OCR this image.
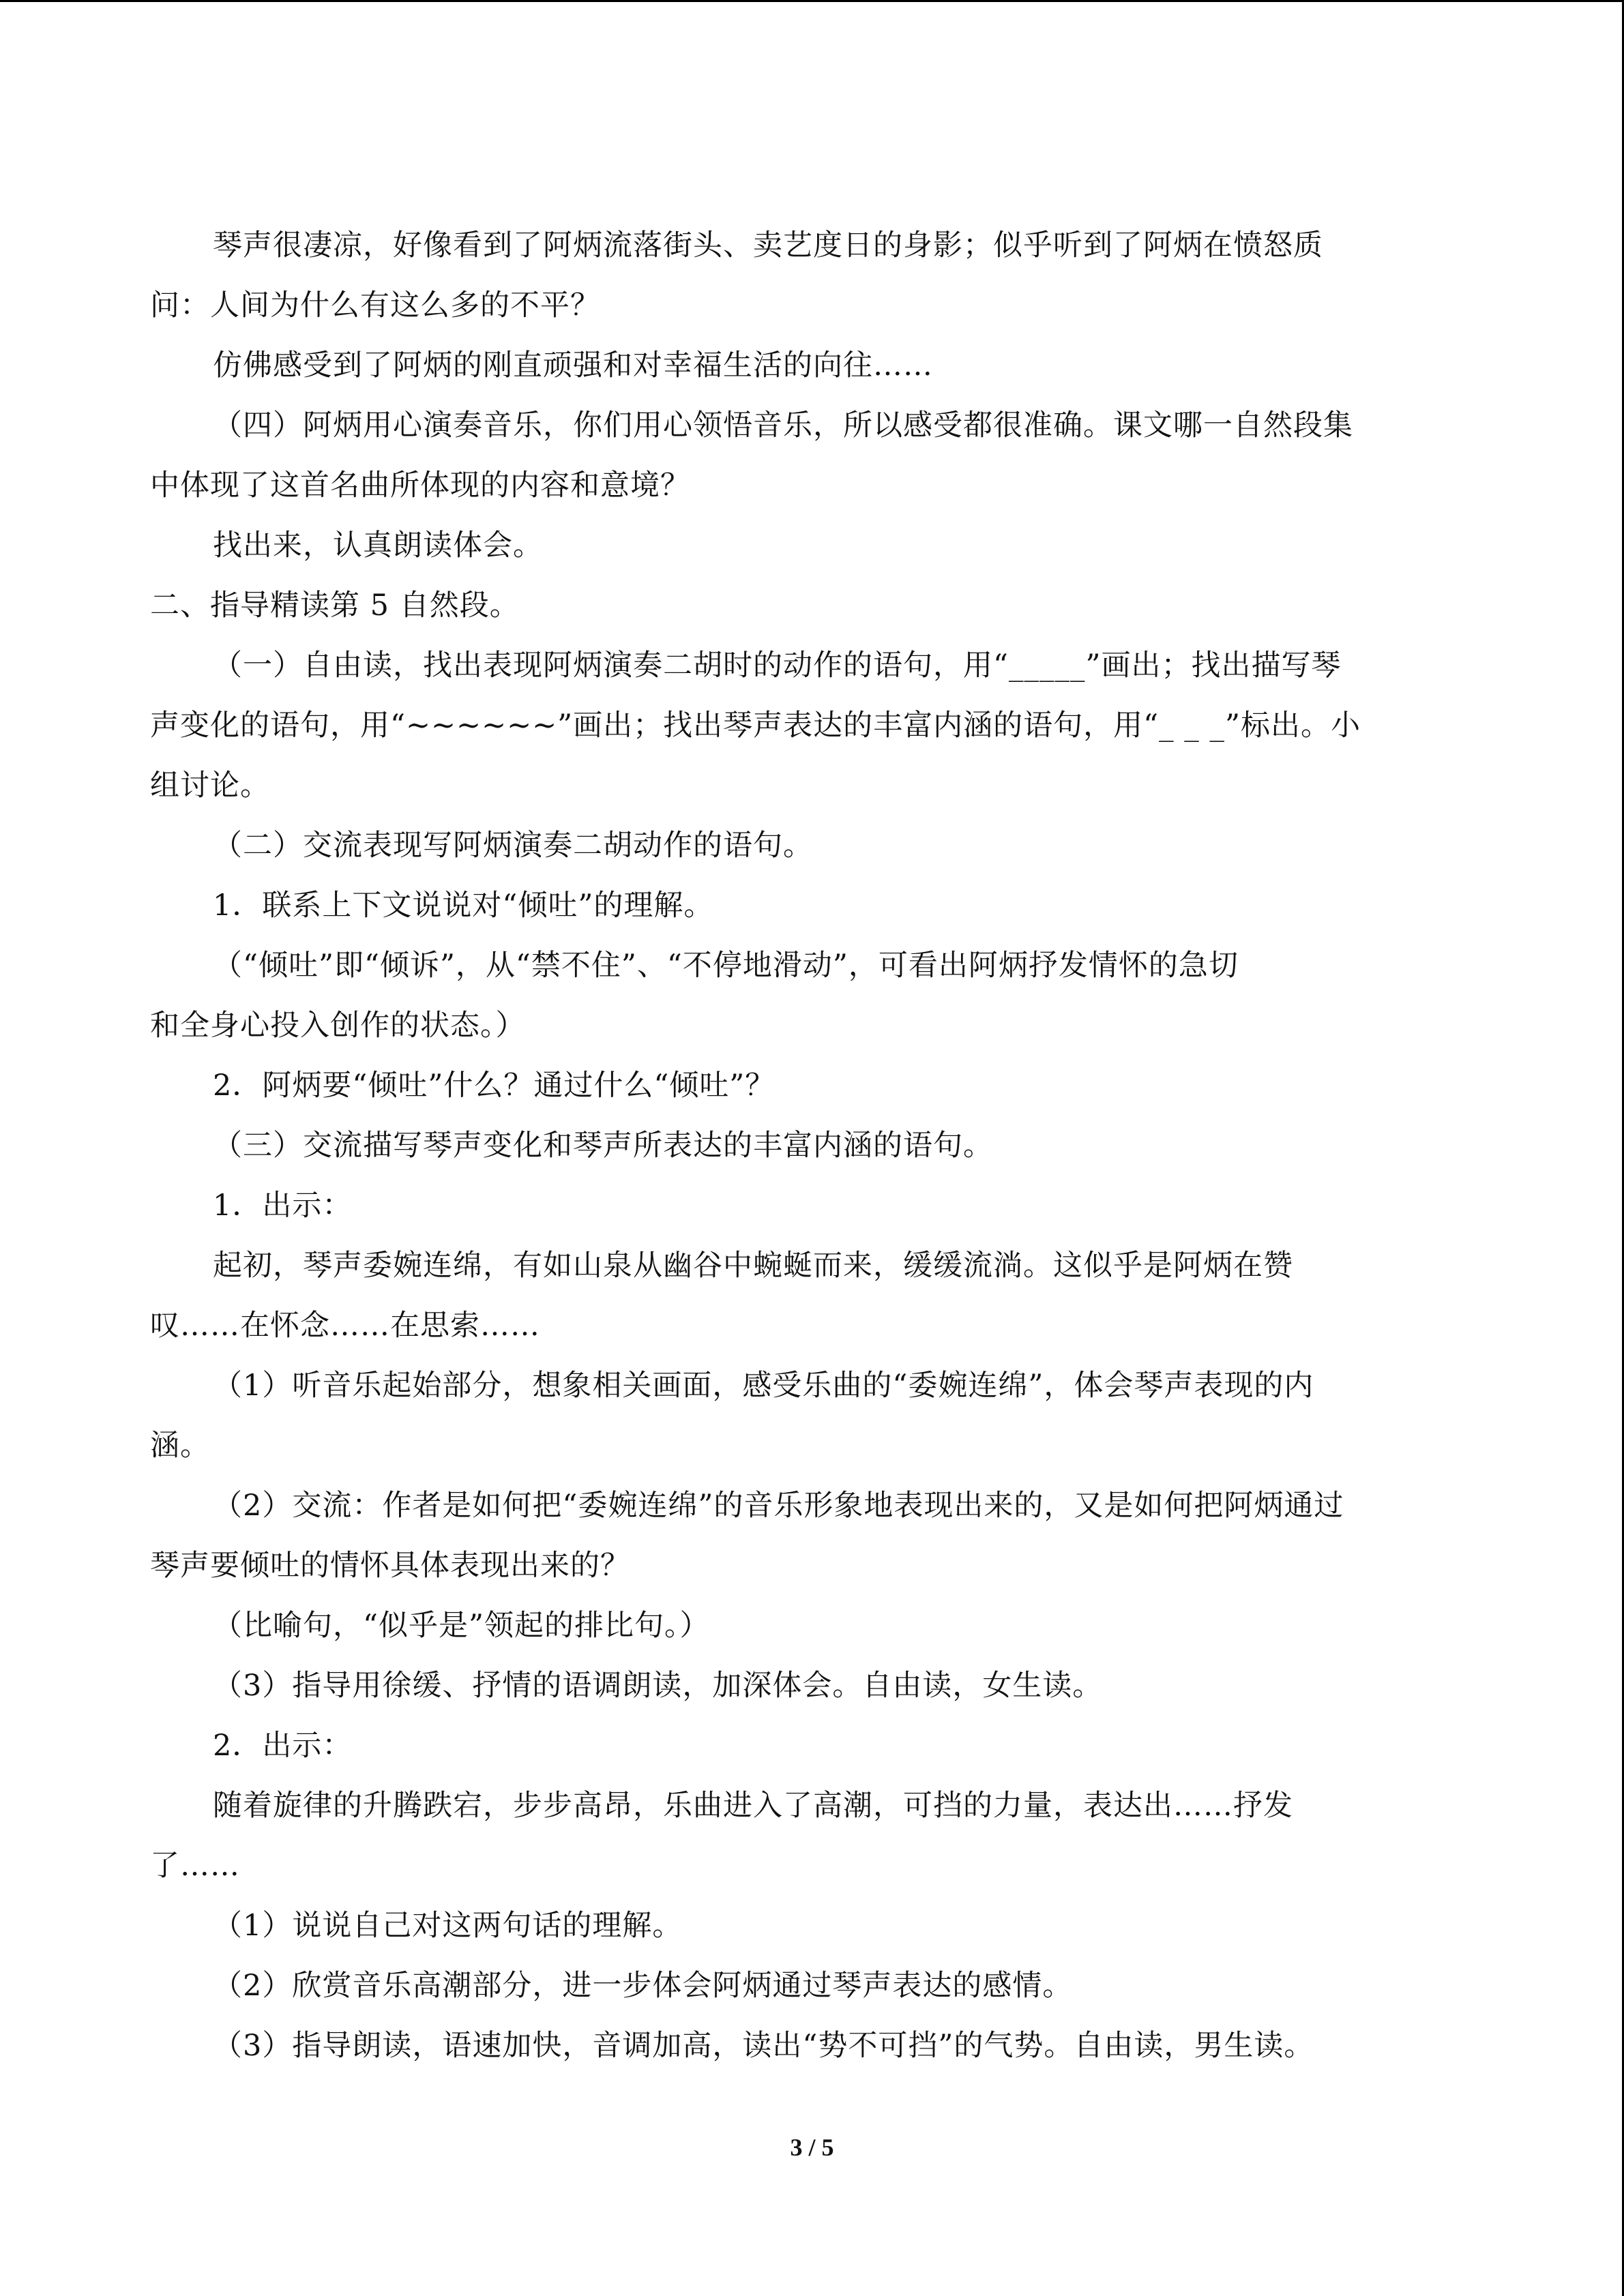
琴声很凄凉，好像看到了阿炳流落街头、卖艺度日的身影；似乎听到了阿炳在愤怒质
问：人间为什么有这么多的不平？
仿佛感受到了阿炳的刚直顽强和对幸福生活的向往……
（四）阿炳用心演奏音乐，你们用心领悟音乐，所以感受都很准确。课文哪一自然段集
中体现了这首名曲所体现的内容和意境？
找出来，认真朗读体会。
二、指导精读第 5 自然段。
（一）自由读，找出表现阿炳演奏二胡时的动作的语句，用“_____”画出；找出描写琴
声变化的语句，用“~~~~~~”画出；找出琴声表达的丰富内涵的语句，用“_ _ _”标出。小
组讨论。
（二）交流表现写阿炳演奏二胡动作的语句。
1．联系上下文说说对“倾吐”的理解。
（“倾吐”即“倾诉”，从“禁不住”、“不停地滑动”，可看出阿炳抒发情怀的急切
和全身心投入创作的状态。）
2．阿炳要“倾吐”什么？通过什么“倾吐”？
（三）交流描写琴声变化和琴声所表达的丰富内涵的语句。
1．出示：
起初，琴声委婉连绵，有如山泉从幽谷中蜿蜒而来，缓缓流淌。这似乎是阿炳在赞
叹……在怀念……在思索……
（1）听音乐起始部分，想象相关画面，感受乐曲的“委婉连绵”，体会琴声表现的内
涵。
（2）交流：作者是如何把“委婉连绵”的音乐形象地表现出来的，又是如何把阿炳通过
琴声要倾吐的情怀具体表现出来的？
（比喻句，“似乎是”领起的排比句。）
（3）指导用徐缓、抒情的语调朗读，加深体会。自由读，女生读。
2．出示：
随着旋律的升腾跌宕，步步高昂，乐曲进入了高潮，可挡的力量，表达出……抒发
了……
（1）说说自己对这两句话的理解。
（2）欣赏音乐高潮部分，进一步体会阿炳通过琴声表达的感情。
（3）指导朗读，语速加快，音调加高，读出“势不可挡”的气势。自由读，男生读。
3 / 5
